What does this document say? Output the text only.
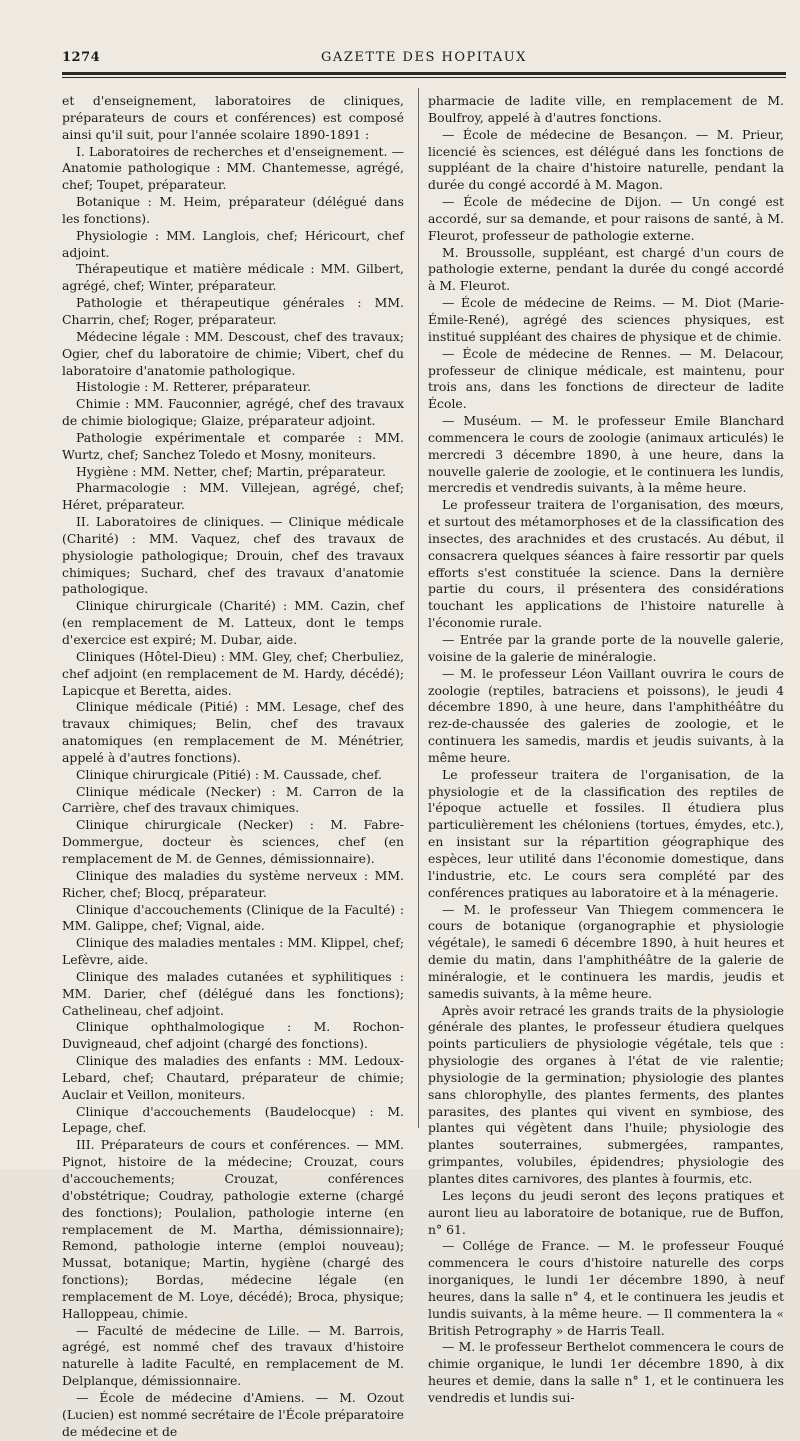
1274	GAZETTE DES HOPITAUX

et d'enseignement, laboratoires de cliniques, préparateurs de cours et conférences) est composé ainsi qu'il suit, pour l'année scolaire 1890-1891 :

I. Laboratoires de recherches et d'enseignement. — Anatomie pathologique : MM. Chantemesse, agrégé, chef; Toupet, préparateur.

Botanique : M. Heim, préparateur (délégué dans les fonctions).

Physiologie : MM. Langlois, chef; Héricourt, chef adjoint.

Thérapeutique et matière médicale : MM. Gilbert, agrégé, chef; Winter, préparateur.

Pathologie et thérapeutique générales : MM. Charrin, chef; Roger, préparateur.

Médecine légale : MM. Descoust, chef des travaux; Ogier, chef du laboratoire de chimie; Vibert, chef du laboratoire d'anatomie pathologique.

Histologie : M. Retterer, préparateur.

Chimie : MM. Fauconnier, agrégé, chef des travaux de chimie biologique; Glaize, préparateur adjoint.

Pathologie expérimentale et comparée : MM. Wurtz, chef; Sanchez Toledo et Mosny, moniteurs.

Hygiène : MM. Netter, chef; Martin, préparateur.

Pharmacologie : MM. Villejean, agrégé, chef; Héret, préparateur.

II. Laboratoires de cliniques. — Clinique médicale (Charité) : MM. Vaquez, chef des travaux de physiologie pathologique; Drouin, chef des travaux chimiques; Suchard, chef des travaux d'anatomie pathologique.

Clinique chirurgicale (Charité) : MM. Cazin, chef (en remplacement de M. Latteux, dont le temps d'exercice est expiré; M. Dubar, aide.

Cliniques (Hôtel-Dieu) : MM. Gley, chef; Cherbuliez, chef adjoint (en remplacement de M. Hardy, décédé); Lapicque et Beretta, aides.

Clinique médicale (Pitié) : MM. Lesage, chef des travaux chimiques; Belin, chef des travaux anatomiques (en remplacement de M. Ménétrier, appelé à d'autres fonctions).

Clinique chirurgicale (Pitié) : M. Caussade, chef.

Clinique médicale (Necker) : M. Carron de la Carrière, chef des travaux chimiques.

Clinique chirurgicale (Necker) : M. Fabre-Dommergue, docteur ès sciences, chef (en remplacement de M. de Gennes, démissionnaire).

Clinique des maladies du système nerveux : MM. Richer, chef; Blocq, préparateur.

Clinique d'accouchements (Clinique de la Faculté) : MM. Galippe, chef; Vignal, aide.

Clinique des maladies mentales : MM. Klippel, chef; Lefèvre, aide.

Clinique des malades cutanées et syphilitiques : MM. Darier, chef (délégué dans les fonctions); Cathelineau, chef adjoint.

Clinique ophthalmologique : M. Rochon-Duvigneaud, chef adjoint (chargé des fonctions).

Clinique des maladies des enfants : MM. Ledoux-Lebard, chef; Chautard, préparateur de chimie; Auclair et Veillon, moniteurs.

Clinique d'accouchements (Baudelocque) : M. Lepage, chef.

III. Préparateurs de cours et conférences. — MM. Pignot, histoire de la médecine; Crouzat, cours d'accouchements; Crouzat, conférences d'obstétrique; Coudray, pathologie externe (chargé des fonctions); Poulalion, pathologie interne (en remplacement de M. Martha, démissionnaire); Remond, pathologie interne (emploi nouveau); Mussat, botanique; Martin, hygiène (chargé des fonctions); Bordas, médecine légale (en remplacement de M. Loye, décédé); Broca, physique; Halloppeau, chimie.

— Faculté de médecine de Lille. — M. Barrois, agrégé, est nommé chef des travaux d'histoire naturelle à ladite Faculté, en remplacement de M. Delplanque, démissionnaire.

— École de médecine d'Amiens. — M. Ozout (Lucien) est nommé secrétaire de l'École préparatoire de médecine et de

pharmacie de ladite ville, en remplacement de M. Boulfroy, appelé à d'autres fonctions.

— École de médecine de Besançon. — M. Prieur, licencié ès sciences, est délégué dans les fonctions de suppléant de la chaire d'histoire naturelle, pendant la durée du congé accordé à M. Magon.

— École de médecine de Dijon. — Un congé est accordé, sur sa demande, et pour raisons de santé, à M. Fleurot, professeur de pathologie externe.

M. Broussolle, suppléant, est chargé d'un cours de pathologie externe, pendant la durée du congé accordé à M. Fleurot.

— École de médecine de Reims. — M. Diot (Marie-Émile-René), agrégé des sciences physiques, est institué suppléant des chaires de physique et de chimie.

— École de médecine de Rennes. — M. Delacour, professeur de clinique médicale, est maintenu, pour trois ans, dans les fonctions de directeur de ladite École.

— Muséum. — M. le professeur Emile Blanchard commencera le cours de zoologie (animaux articulés) le mercredi 3 décembre 1890, à une heure, dans la nouvelle galerie de zoologie, et le continuera les lundis, mercredis et vendredis suivants, à la même heure.

Le professeur traitera de l'organisation, des mœurs, et surtout des métamorphoses et de la classification des insectes, des arachnides et des crustacés. Au début, il consacrera quelques séances à faire ressortir par quels efforts s'est constituée la science. Dans la dernière partie du cours, il présentera des considérations touchant les applications de l'histoire naturelle à l'économie rurale.

— Entrée par la grande porte de la nouvelle galerie, voisine de la galerie de minéralogie.

— M. le professeur Léon Vaillant ouvrira le cours de zoologie (reptiles, batraciens et poissons), le jeudi 4 décembre 1890, à une heure, dans l'amphithéâtre du rez-de-chaussée des galeries de zoologie, et le continuera les samedis, mardis et jeudis suivants, à la même heure.

Le professeur traitera de l'organisation, de la physiologie et de la classification des reptiles de l'époque actuelle et fossiles. Il étudiera plus particulièrement les chéloniens (tortues, émydes, etc.), en insistant sur la répartition géographique des espèces, leur utilité dans l'économie domestique, dans l'industrie, etc. Le cours sera complété par des conférences pratiques au laboratoire et à la ménagerie.

— M. le professeur Van Thiegem commencera le cours de botanique (organographie et physiologie végétale), le samedi 6 décembre 1890, à huit heures et demie du matin, dans l'amphithéâtre de la galerie de minéralogie, et le continuera les mardis, jeudis et samedis suivants, à la même heure.

Après avoir retracé les grands traits de la physiologie générale des plantes, le professeur étudiera quelques points particuliers de physiologie végétale, tels que : physiologie des organes à l'état de vie ralentie; physiologie de la germination; physiologie des plantes sans chlorophylle, des plantes ferments, des plantes parasites, des plantes qui vivent en symbiose, des plantes qui végètent dans l'huile; physiologie des plantes souterraines, submergées, rampantes, grimpantes, volubiles, épidendres; physiologie des plantes dites carnivores, des plantes à fourmis, etc.

Les leçons du jeudi seront des leçons pratiques et auront lieu au laboratoire de botanique, rue de Buffon, n° 61.

— Collége de France. — M. le professeur Fouqué commencera le cours d'histoire naturelle des corps inorganiques, le lundi 1er décembre 1890, à neuf heures, dans la salle n° 4, et le continuera les jeudis et lundis suivants, à la même heure. — Il commentera la « British Petrography » de Harris Teall.

— M. le professeur Berthelot commencera le cours de chimie organique, le lundi 1er décembre 1890, à dix heures et demie, dans la salle n° 1, et le continuera les vendredis et lundis sui-
